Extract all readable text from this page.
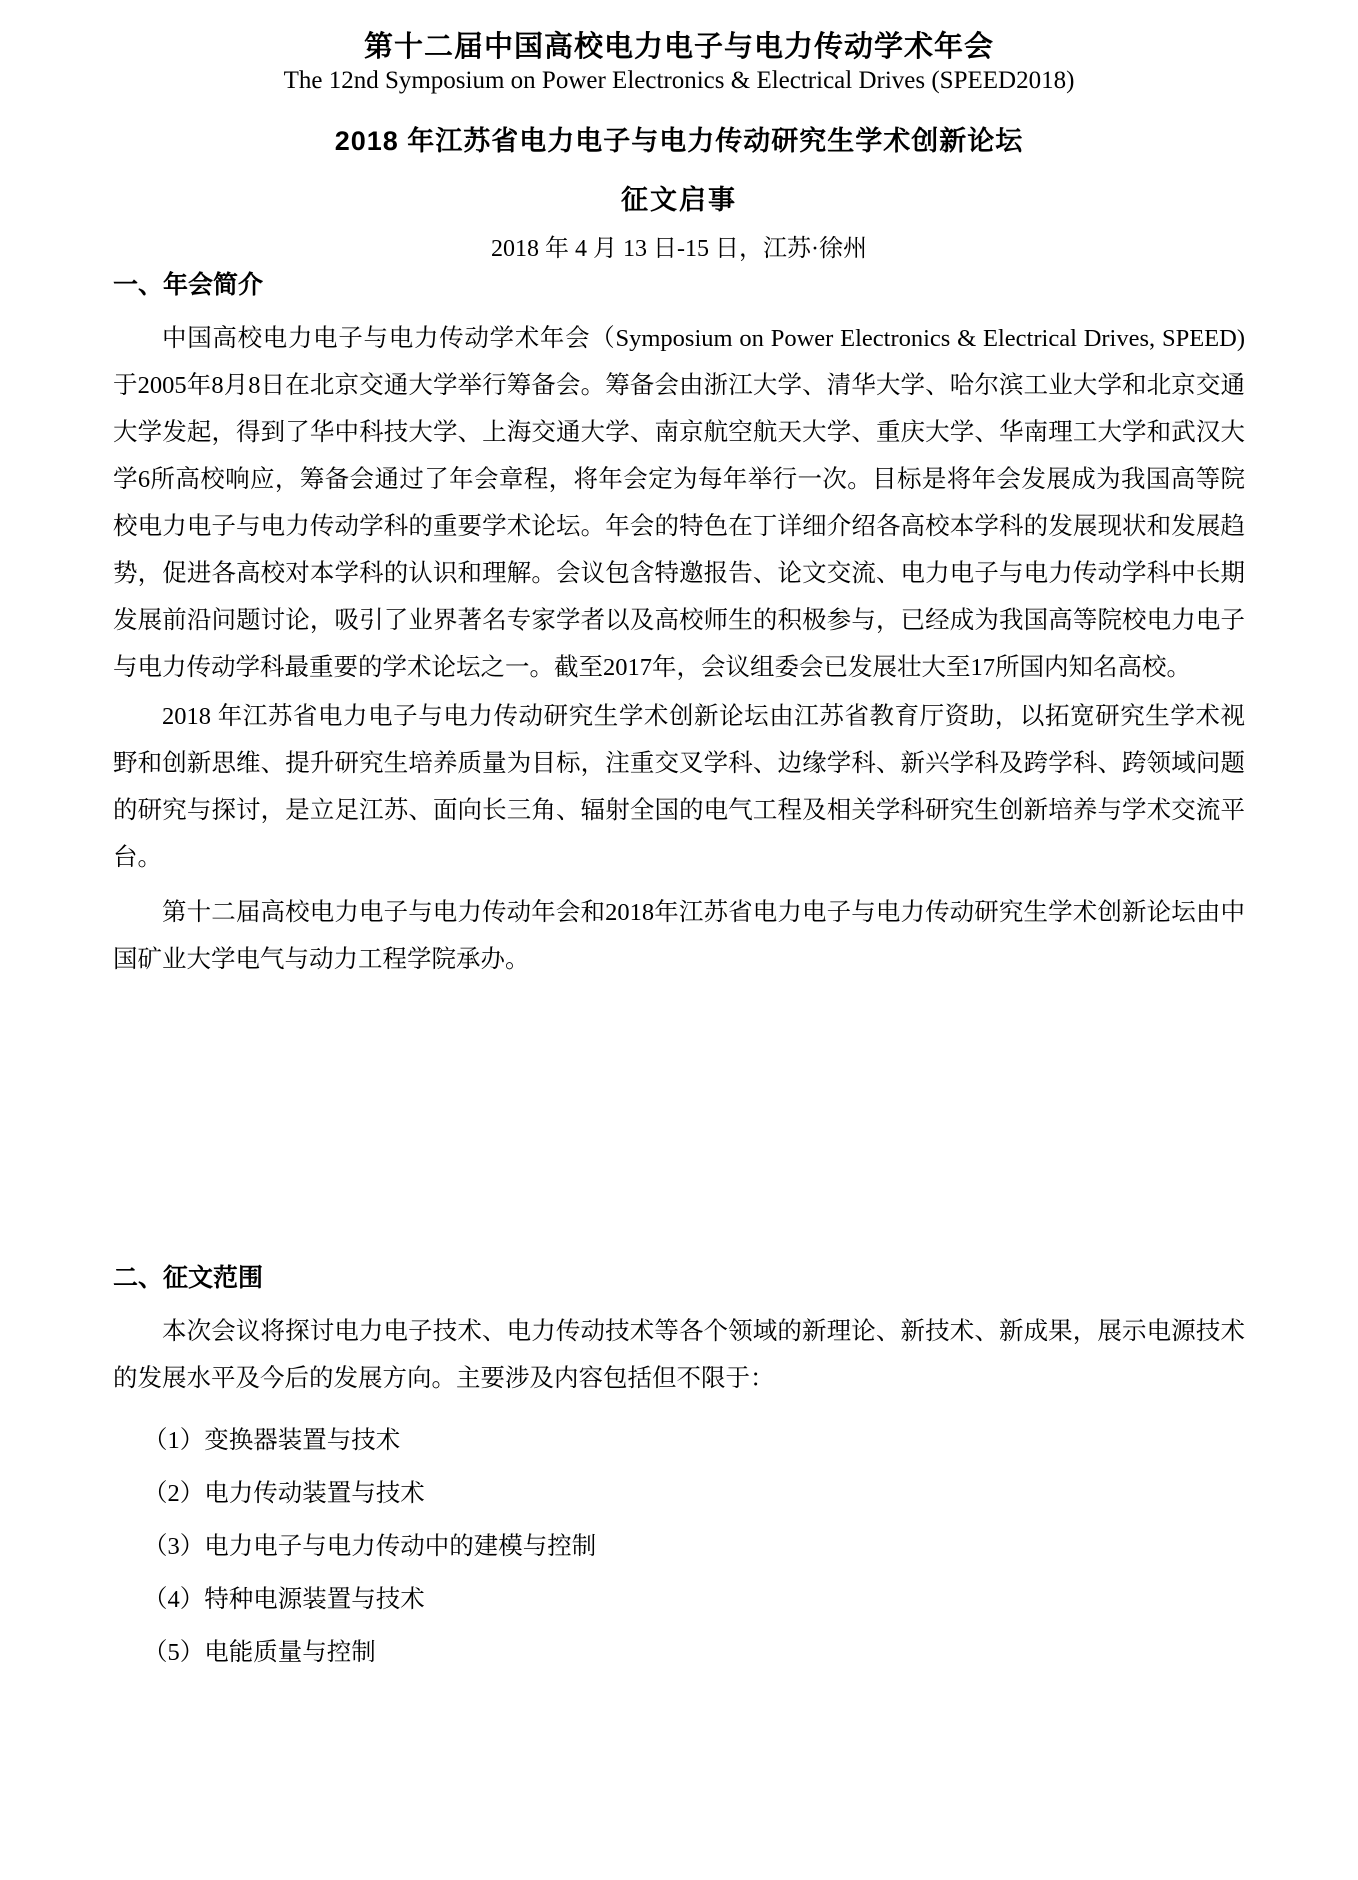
第十二届中国高校电力电子与电力传动学术年会
The 12nd Symposium on Power Electronics & Electrical Drives (SPEED2018)
2018 年江苏省电力电子与电力传动研究生学术创新论坛
征文启事
2018 年 4 月 13 日-15 日，江苏·徐州
一、年会简介

中国高校电力电子与电力传动学术年会（Symposium on Power Electronics & Electrical Drives, SPEED) 于2005年8月8日在北京交通大学举行筹备会。筹备会由浙江大学、清华大学、哈尔滨工业大学和北京交通大学发起，得到了华中科技大学、上海交通大学、南京航空航天大学、重庆大学、华南理工大学和武汉大学6所高校响应，筹备会通过了年会章程，将年会定为每年举行一次。目标是将年会发展成为我国高等院校电力电子与电力传动学科的重要学术论坛。年会的特色在丁详细介绍各高校本学科的发展现状和发展趋势，促进各高校对本学科的认识和理解。会议包含特邀报告、论文交流、电力电子与电力传动学科中长期发展前沿问题讨论，吸引了业界著名专家学者以及高校师生的积极参与，已经成为我国高等院校电力电子与电力传动学科最重要的学术论坛之一。截至2017年，会议组委会已发展壮大至17所国内知名高校。

2018 年江苏省电力电子与电力传动研究生学术创新论坛由江苏省教育厅资助，以拓宽研究生学术视野和创新思维、提升研究生培养质量为目标，注重交叉学科、边缘学科、新兴学科及跨学科、跨领域问题的研究与探讨，是立足江苏、面向长三角、辐射全国的电气工程及相关学科研究生创新培养与学术交流平台。

第十二届高校电力电子与电力传动年会和2018年江苏省电力电子与电力传动研究生学术创新论坛由中国矿业大学电气与动力工程学院承办。

二、征文范围

本次会议将探讨电力电子技术、电力传动技术等各个领域的新理论、新技术、新成果，展示电源技术的发展水平及今后的发展方向。主要涉及内容包括但不限于：

（1）变换器装置与技术
（2）电力传动装置与技术
（3）电力电子与电力传动中的建模与控制
（4）特种电源装置与技术
（5）电能质量与控制
